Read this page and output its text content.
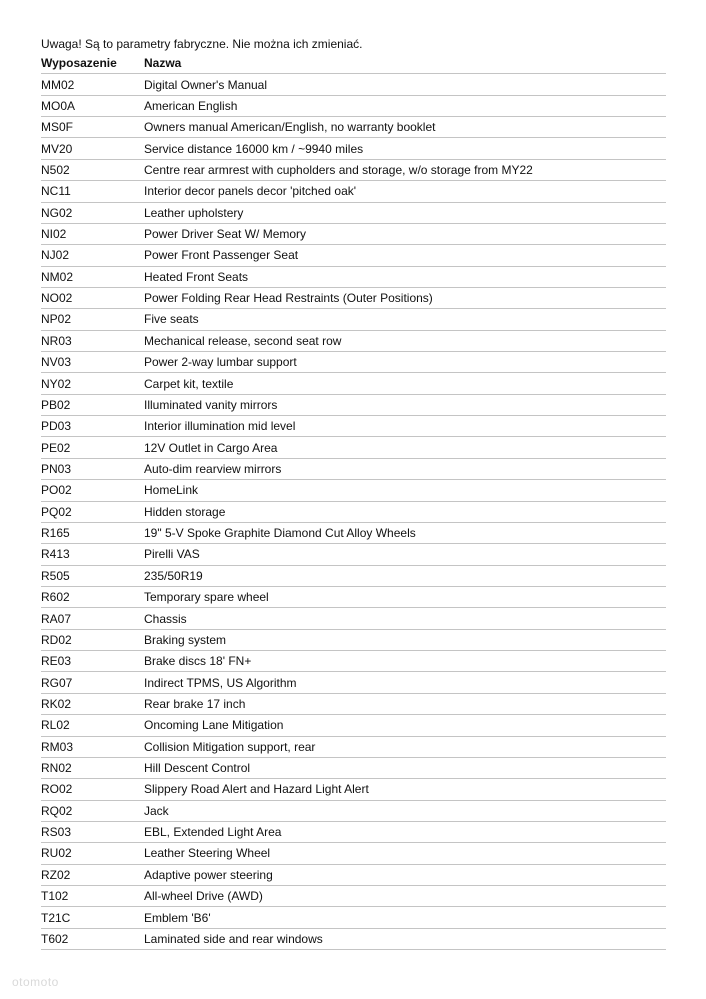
Uwaga! Są to parametry fabryczne. Nie można ich zmieniać.
Wyposazenie	Nazwa
MM02	Digital Owner's Manual
MO0A	American English
MS0F	Owners manual American/English, no warranty booklet
MV20	Service distance 16000 km / ~9940 miles
N502	Centre rear armrest with cupholders and storage, w/o storage from MY22
NC11	Interior decor panels decor 'pitched oak'
NG02	Leather upholstery
NI02	Power Driver Seat W/ Memory
NJ02	Power Front Passenger Seat
NM02	Heated Front Seats
NO02	Power Folding Rear Head Restraints (Outer Positions)
NP02	Five seats
NR03	Mechanical release, second seat row
NV03	Power 2-way lumbar support
NY02	Carpet kit, textile
PB02	Illuminated vanity mirrors
PD03	Interior illumination mid level
PE02	12V Outlet in Cargo Area
PN03	Auto-dim rearview mirrors
PO02	HomeLink
PQ02	Hidden storage
R165	19" 5-V Spoke Graphite Diamond Cut Alloy Wheels
R413	Pirelli VAS
R505	235/50R19
R602	Temporary spare wheel
RA07	Chassis
RD02	Braking system
RE03	Brake discs 18' FN+
RG07	Indirect TPMS, US Algorithm
RK02	Rear brake 17 inch
RL02	Oncoming Lane Mitigation
RM03	Collision Mitigation support, rear
RN02	Hill Descent Control
RO02	Slippery Road Alert and Hazard Light Alert
RQ02	Jack
RS03	EBL, Extended Light Area
RU02	Leather Steering Wheel
RZ02	Adaptive power steering
T102	All-wheel Drive (AWD)
T21C	Emblem 'B6'
T602	Laminated side and rear windows
otomoto
